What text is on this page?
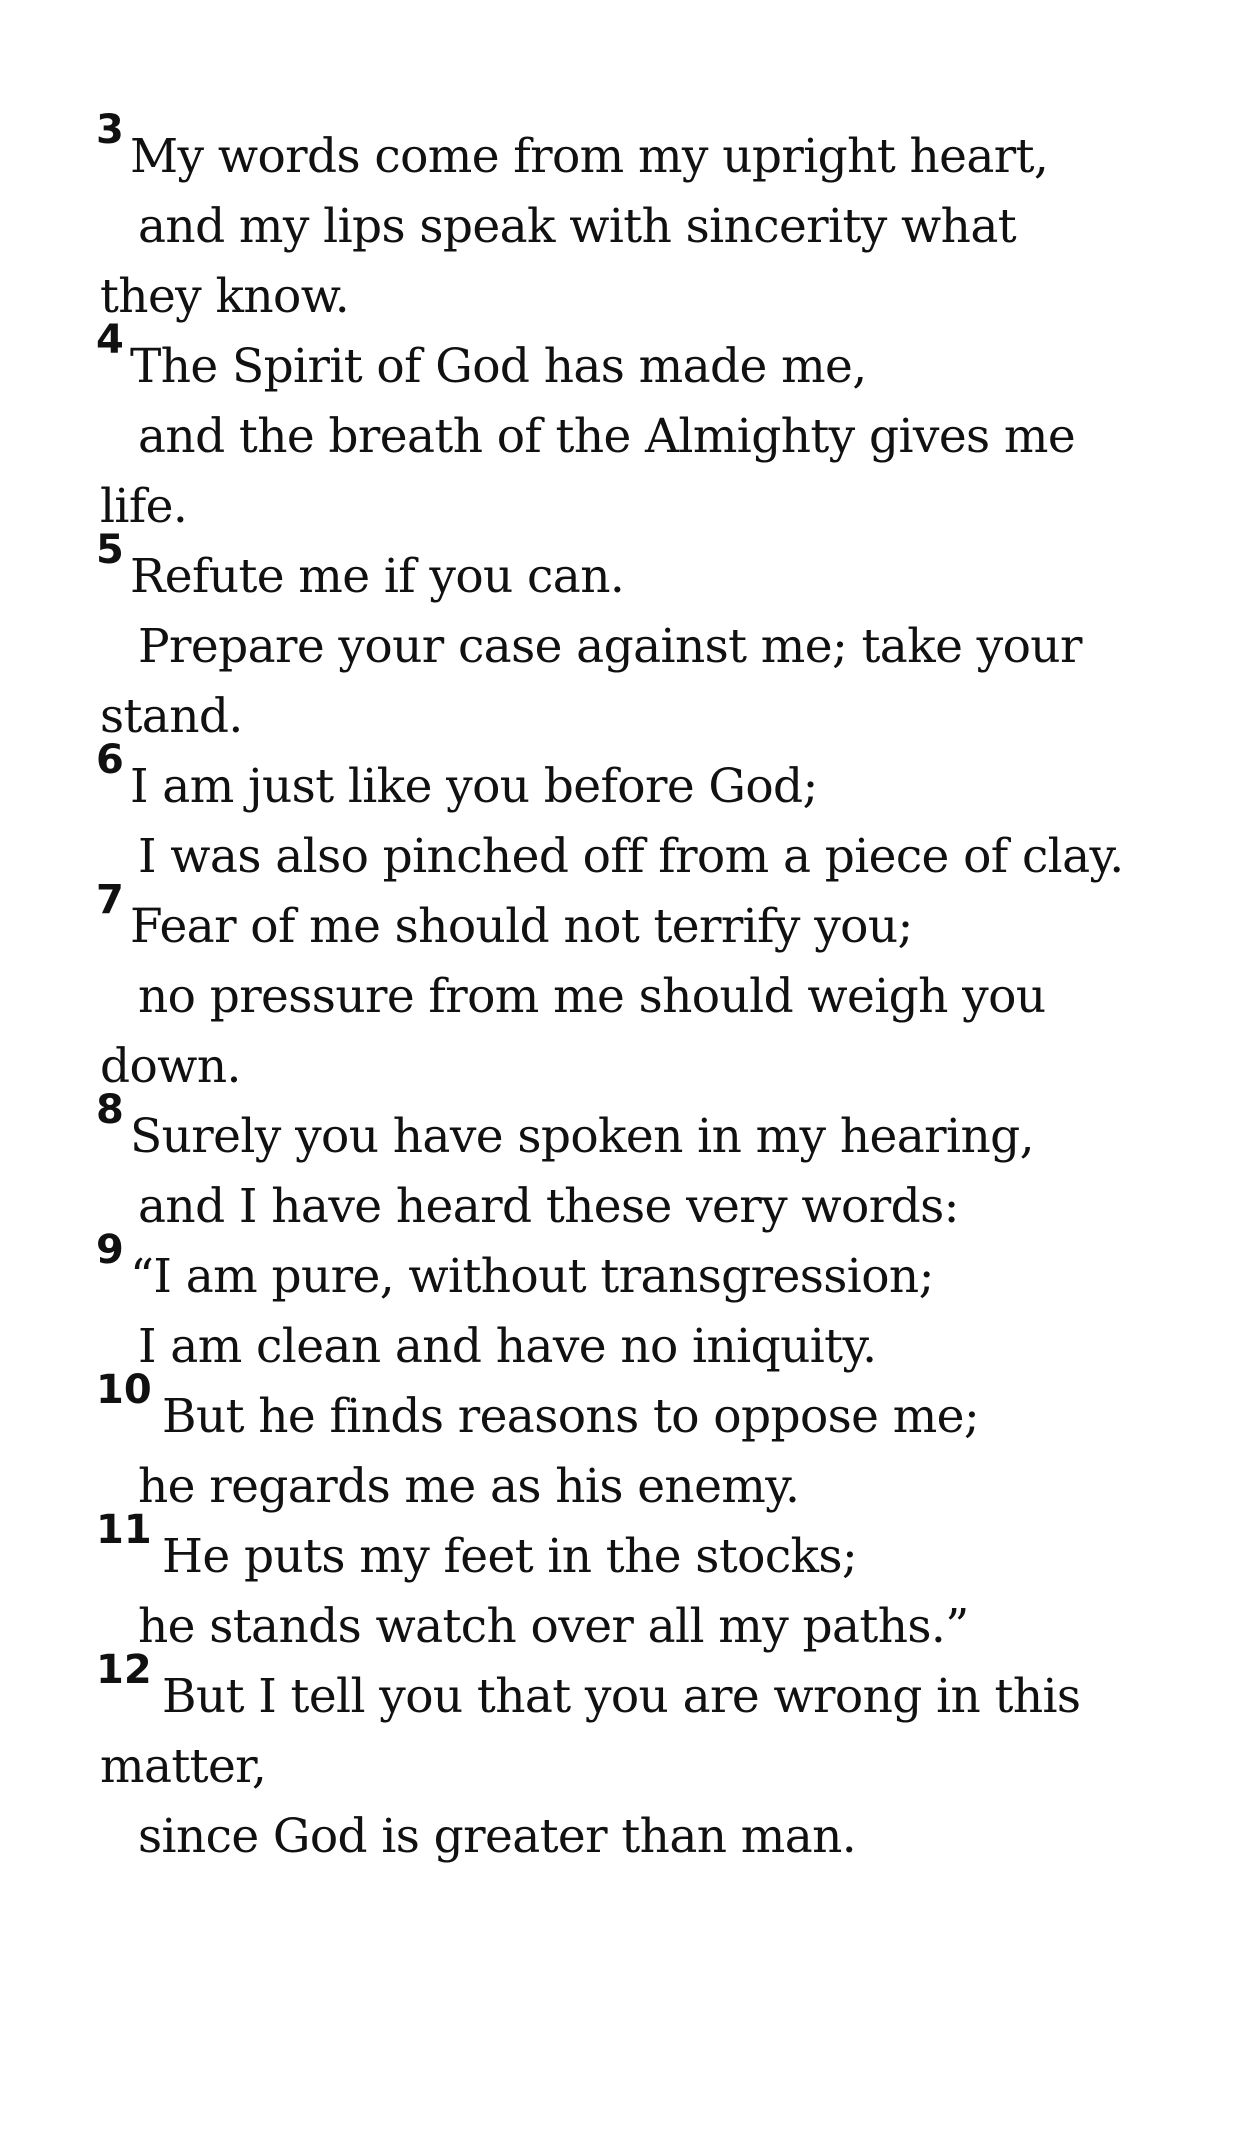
3 My words come from my upright heart,
and my lips speak with sincerity what
they know.
4 The Spirit of God has made me,
and the breath of the Almighty gives me
life.
5 Refute me if you can.
Prepare your case against me; take your
stand.
6 I am just like you before God;
I was also pinched off from a piece of clay.
7 Fear of me should not terrify you;
no pressure from me should weigh you
down.
8 Surely you have spoken in my hearing,
and I have heard these very words:
9 “I am pure, without transgression;
I am clean and have no iniquity.
10 But he finds reasons to oppose me;
he regards me as his enemy.
11 He puts my feet in the stocks;
he stands watch over all my paths.”
12 But I tell you that you are wrong in this
matter,
since God is greater than man.
